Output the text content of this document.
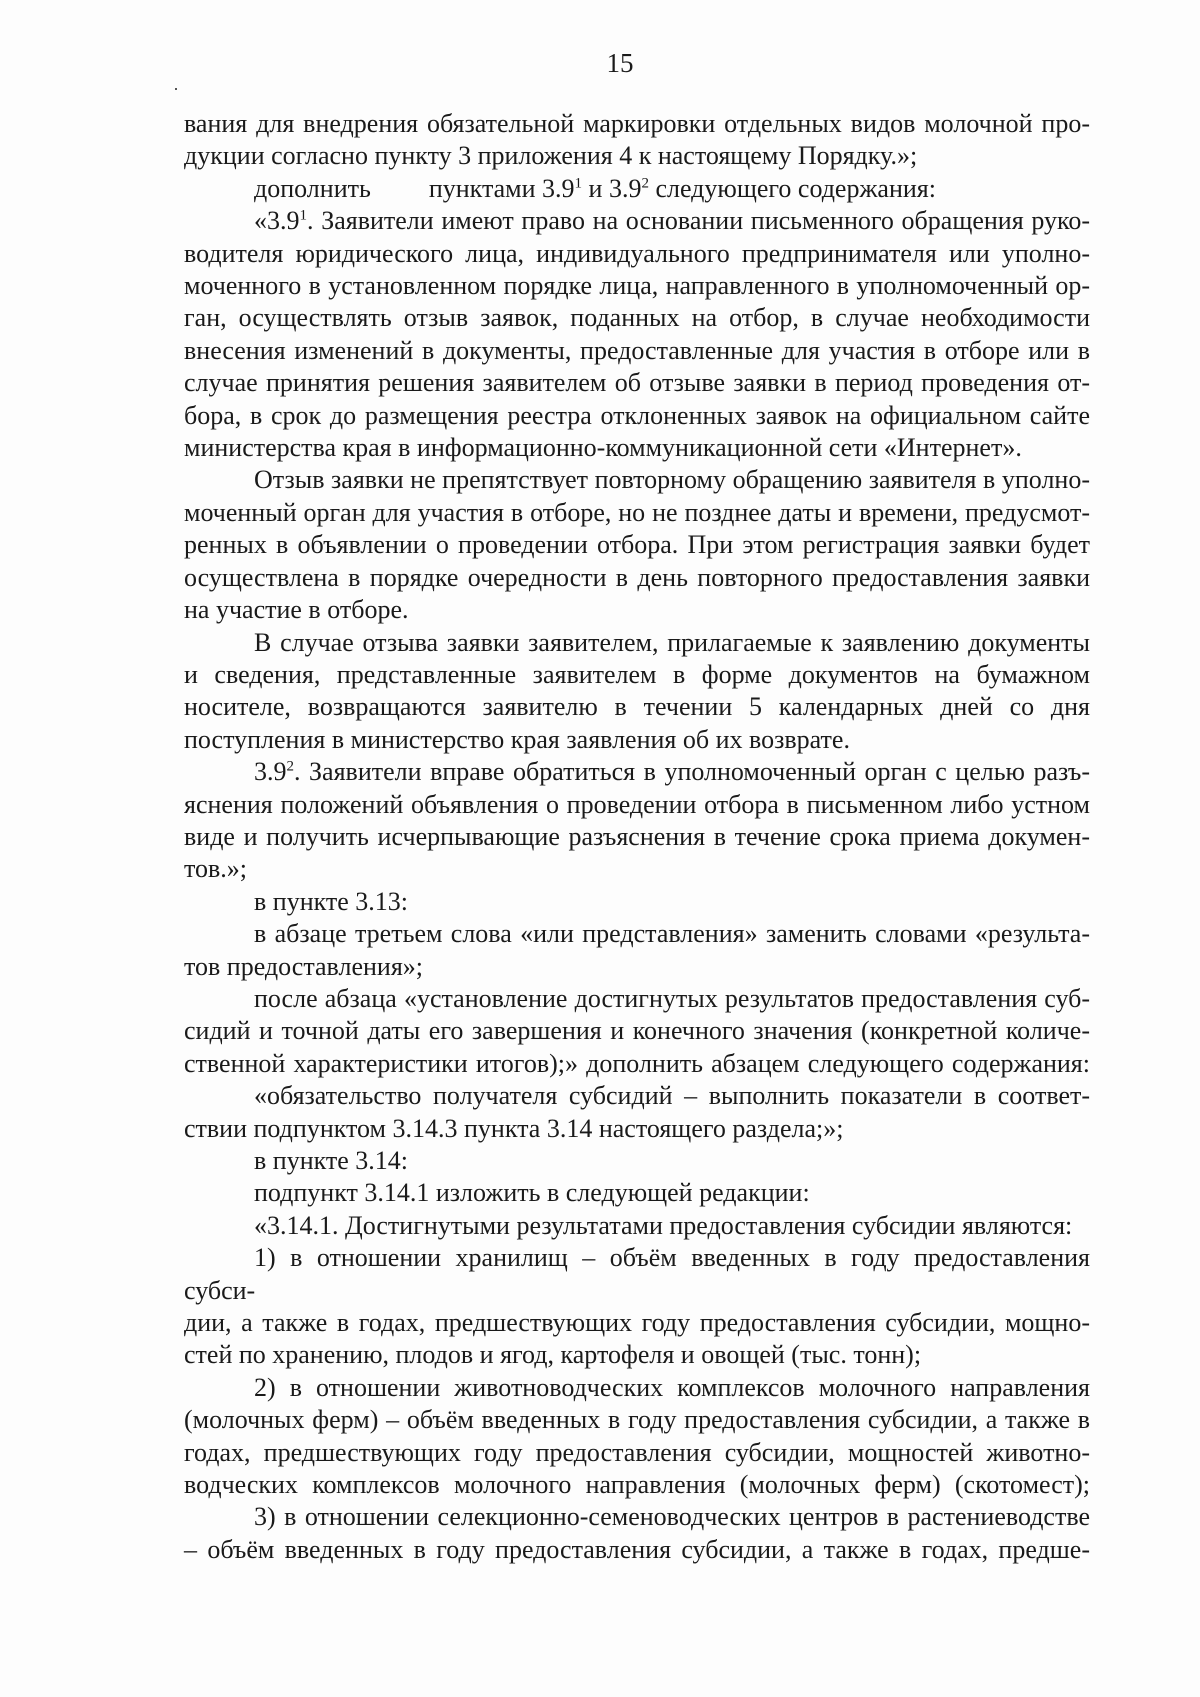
15

вания для внедрения обязательной маркировки отдельных видов молочной про-

дукции согласно пункту 3 приложения 4 к настоящему Порядку.»;

дополнить пунктами $3.9^1$ и $3.9^2$ следующего содержания:

«$3.9^1$. Заявители имеют право на основании письменного обращения руко-

водителя юридического лица, индивидуального предпринимателя или уполно-

моченного в установленном порядке лица, направленного в уполномоченный ор-

ган, осуществлять отзыв заявок, поданных на отбор, в случае необходимости

внесения изменений в документы, предоставленные для участия в отборе или в

случае принятия решения заявителем об отзыве заявки в период проведения от-

бора, в срок до размещения реестра отклоненных заявок на официальном сайте

министерства края в информационно-коммуникационной сети «Интернет».

Отзыв заявки не препятствует повторному обращению заявителя в уполно-

моченный орган для участия в отборе, но не позднее даты и времени, предусмот-

ренных в объявлении о проведении отбора. При этом регистрация заявки будет

осуществлена в порядке очередности в день повторного предоставления заявки

на участие в отборе.

В случае отзыва заявки заявителем, прилагаемые к заявлению документы

и сведения, представленные заявителем в форме документов на бумажном

носителе, возвращаются заявителю в течении 5 календарных дней со дня

поступления в министерство края заявления об их возврате.

$3.9^2$. Заявители вправе обратиться в уполномоченный орган с целью разъ-

яснения положений объявления о проведении отбора в письменном либо устном

виде и получить исчерпывающие разъяснения в течение срока приема докумен-

тов.»;

в пункте 3.13:

в абзаце третьем слова «или представления» заменить словами «результа-

тов предоставления»;

после абзаца «установление достигнутых результатов предоставления суб-

сидий и точной даты его завершения и конечного значения (конкретной количе-

ственной характеристики итогов);» дополнить абзацем следующего содержания:

«обязательство получателя субсидий – выполнить показатели в соответ-

ствии подпунктом 3.14.3 пункта 3.14 настоящего раздела;»;

в пункте 3.14:

подпункт 3.14.1 изложить в следующей редакции:

«3.14.1. Достигнутыми результатами предоставления субсидии являются:

1) в отношении хранилищ – объём введенных в году предоставления субси-

дии, а также в годах, предшествующих году предоставления субсидии, мощно-

стей по хранению, плодов и ягод, картофеля и овощей (тыс. тонн);

2) в отношении животноводческих комплексов молочного направления

(молочных ферм) – объём введенных в году предоставления субсидии, а также в

годах, предшествующих году предоставления субсидии, мощностей животно-

водческих комплексов молочного направления (молочных ферм) (скотомест);

3) в отношении селекционно-семеноводческих центров в растениеводстве

– объём введенных в году предоставления субсидии, а также в годах, предше-
